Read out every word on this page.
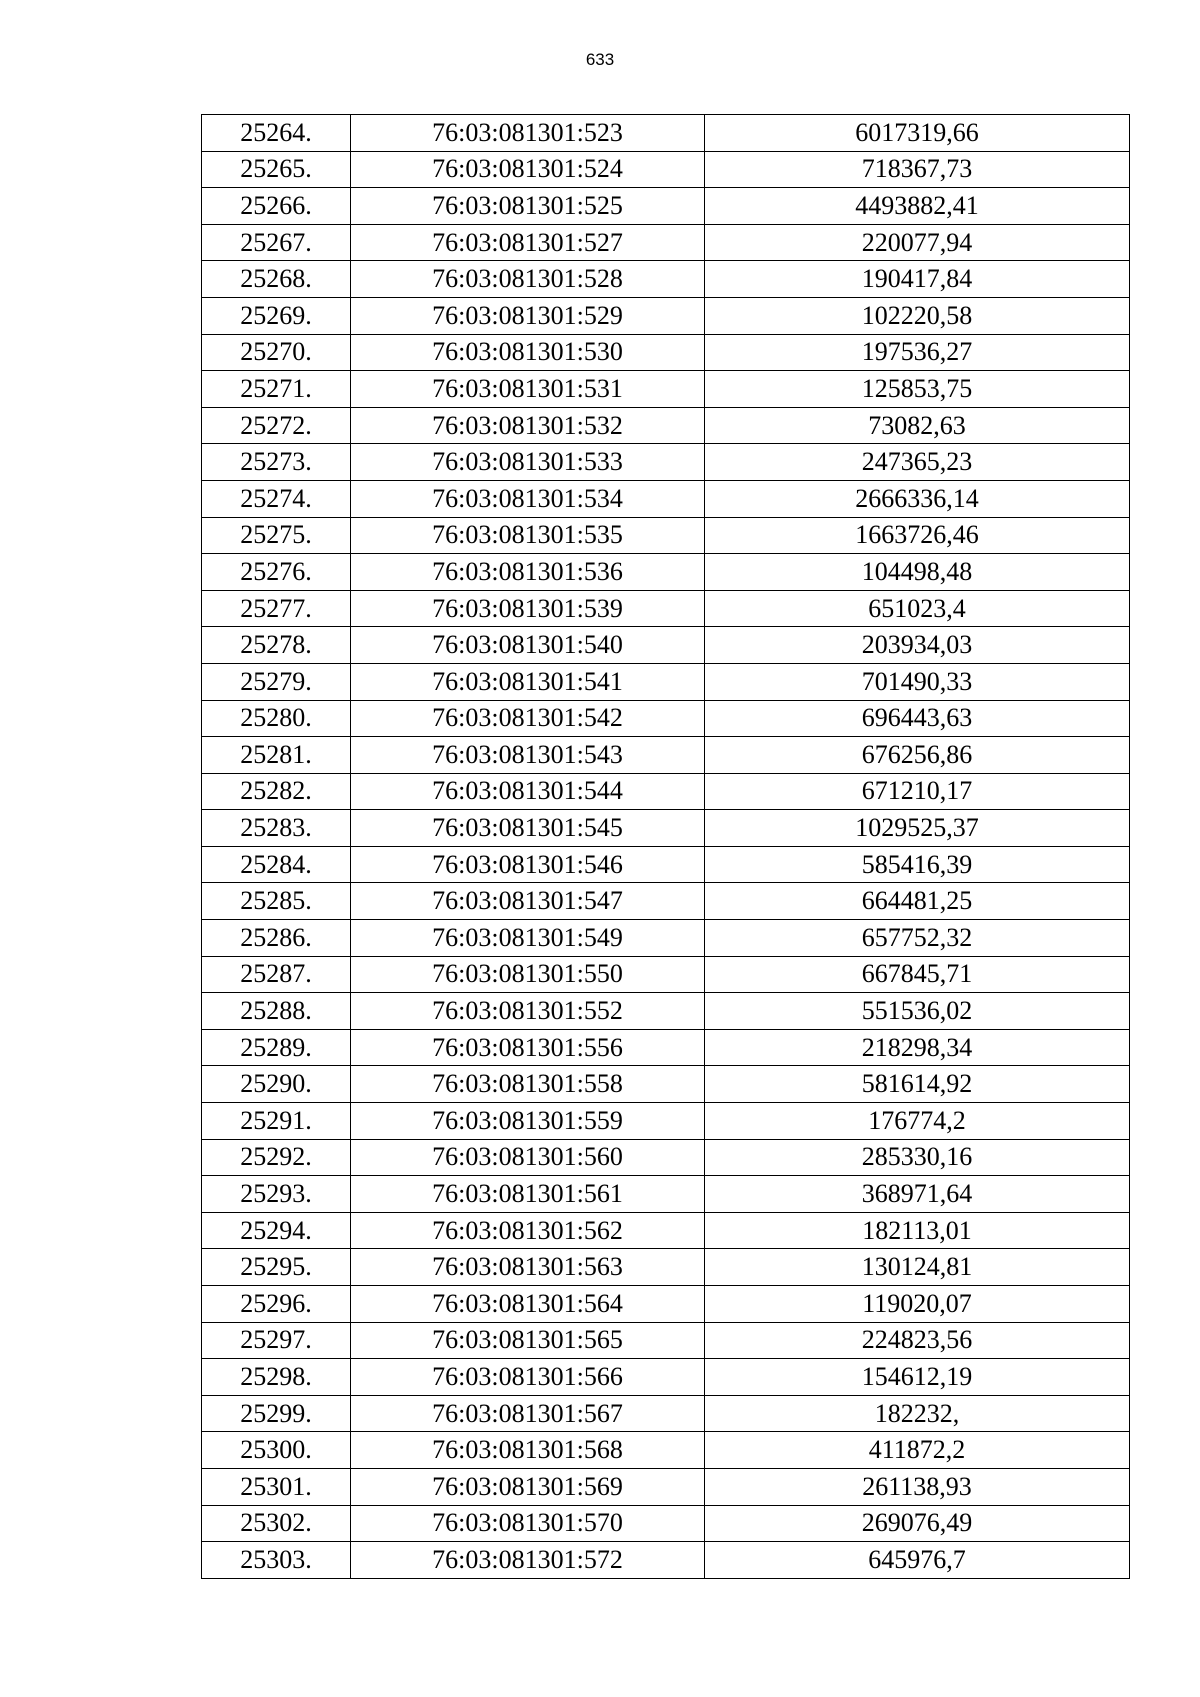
633
25264.	76:03:081301:523	6017319,66
25265.	76:03:081301:524	718367,73
25266.	76:03:081301:525	4493882,41
25267.	76:03:081301:527	220077,94
25268.	76:03:081301:528	190417,84
25269.	76:03:081301:529	102220,58
25270.	76:03:081301:530	197536,27
25271.	76:03:081301:531	125853,75
25272.	76:03:081301:532	73082,63
25273.	76:03:081301:533	247365,23
25274.	76:03:081301:534	2666336,14
25275.	76:03:081301:535	1663726,46
25276.	76:03:081301:536	104498,48
25277.	76:03:081301:539	651023,4
25278.	76:03:081301:540	203934,03
25279.	76:03:081301:541	701490,33
25280.	76:03:081301:542	696443,63
25281.	76:03:081301:543	676256,86
25282.	76:03:081301:544	671210,17
25283.	76:03:081301:545	1029525,37
25284.	76:03:081301:546	585416,39
25285.	76:03:081301:547	664481,25
25286.	76:03:081301:549	657752,32
25287.	76:03:081301:550	667845,71
25288.	76:03:081301:552	551536,02
25289.	76:03:081301:556	218298,34
25290.	76:03:081301:558	581614,92
25291.	76:03:081301:559	176774,2
25292.	76:03:081301:560	285330,16
25293.	76:03:081301:561	368971,64
25294.	76:03:081301:562	182113,01
25295.	76:03:081301:563	130124,81
25296.	76:03:081301:564	119020,07
25297.	76:03:081301:565	224823,56
25298.	76:03:081301:566	154612,19
25299.	76:03:081301:567	182232,
25300.	76:03:081301:568	411872,2
25301.	76:03:081301:569	261138,93
25302.	76:03:081301:570	269076,49
25303.	76:03:081301:572	645976,7
